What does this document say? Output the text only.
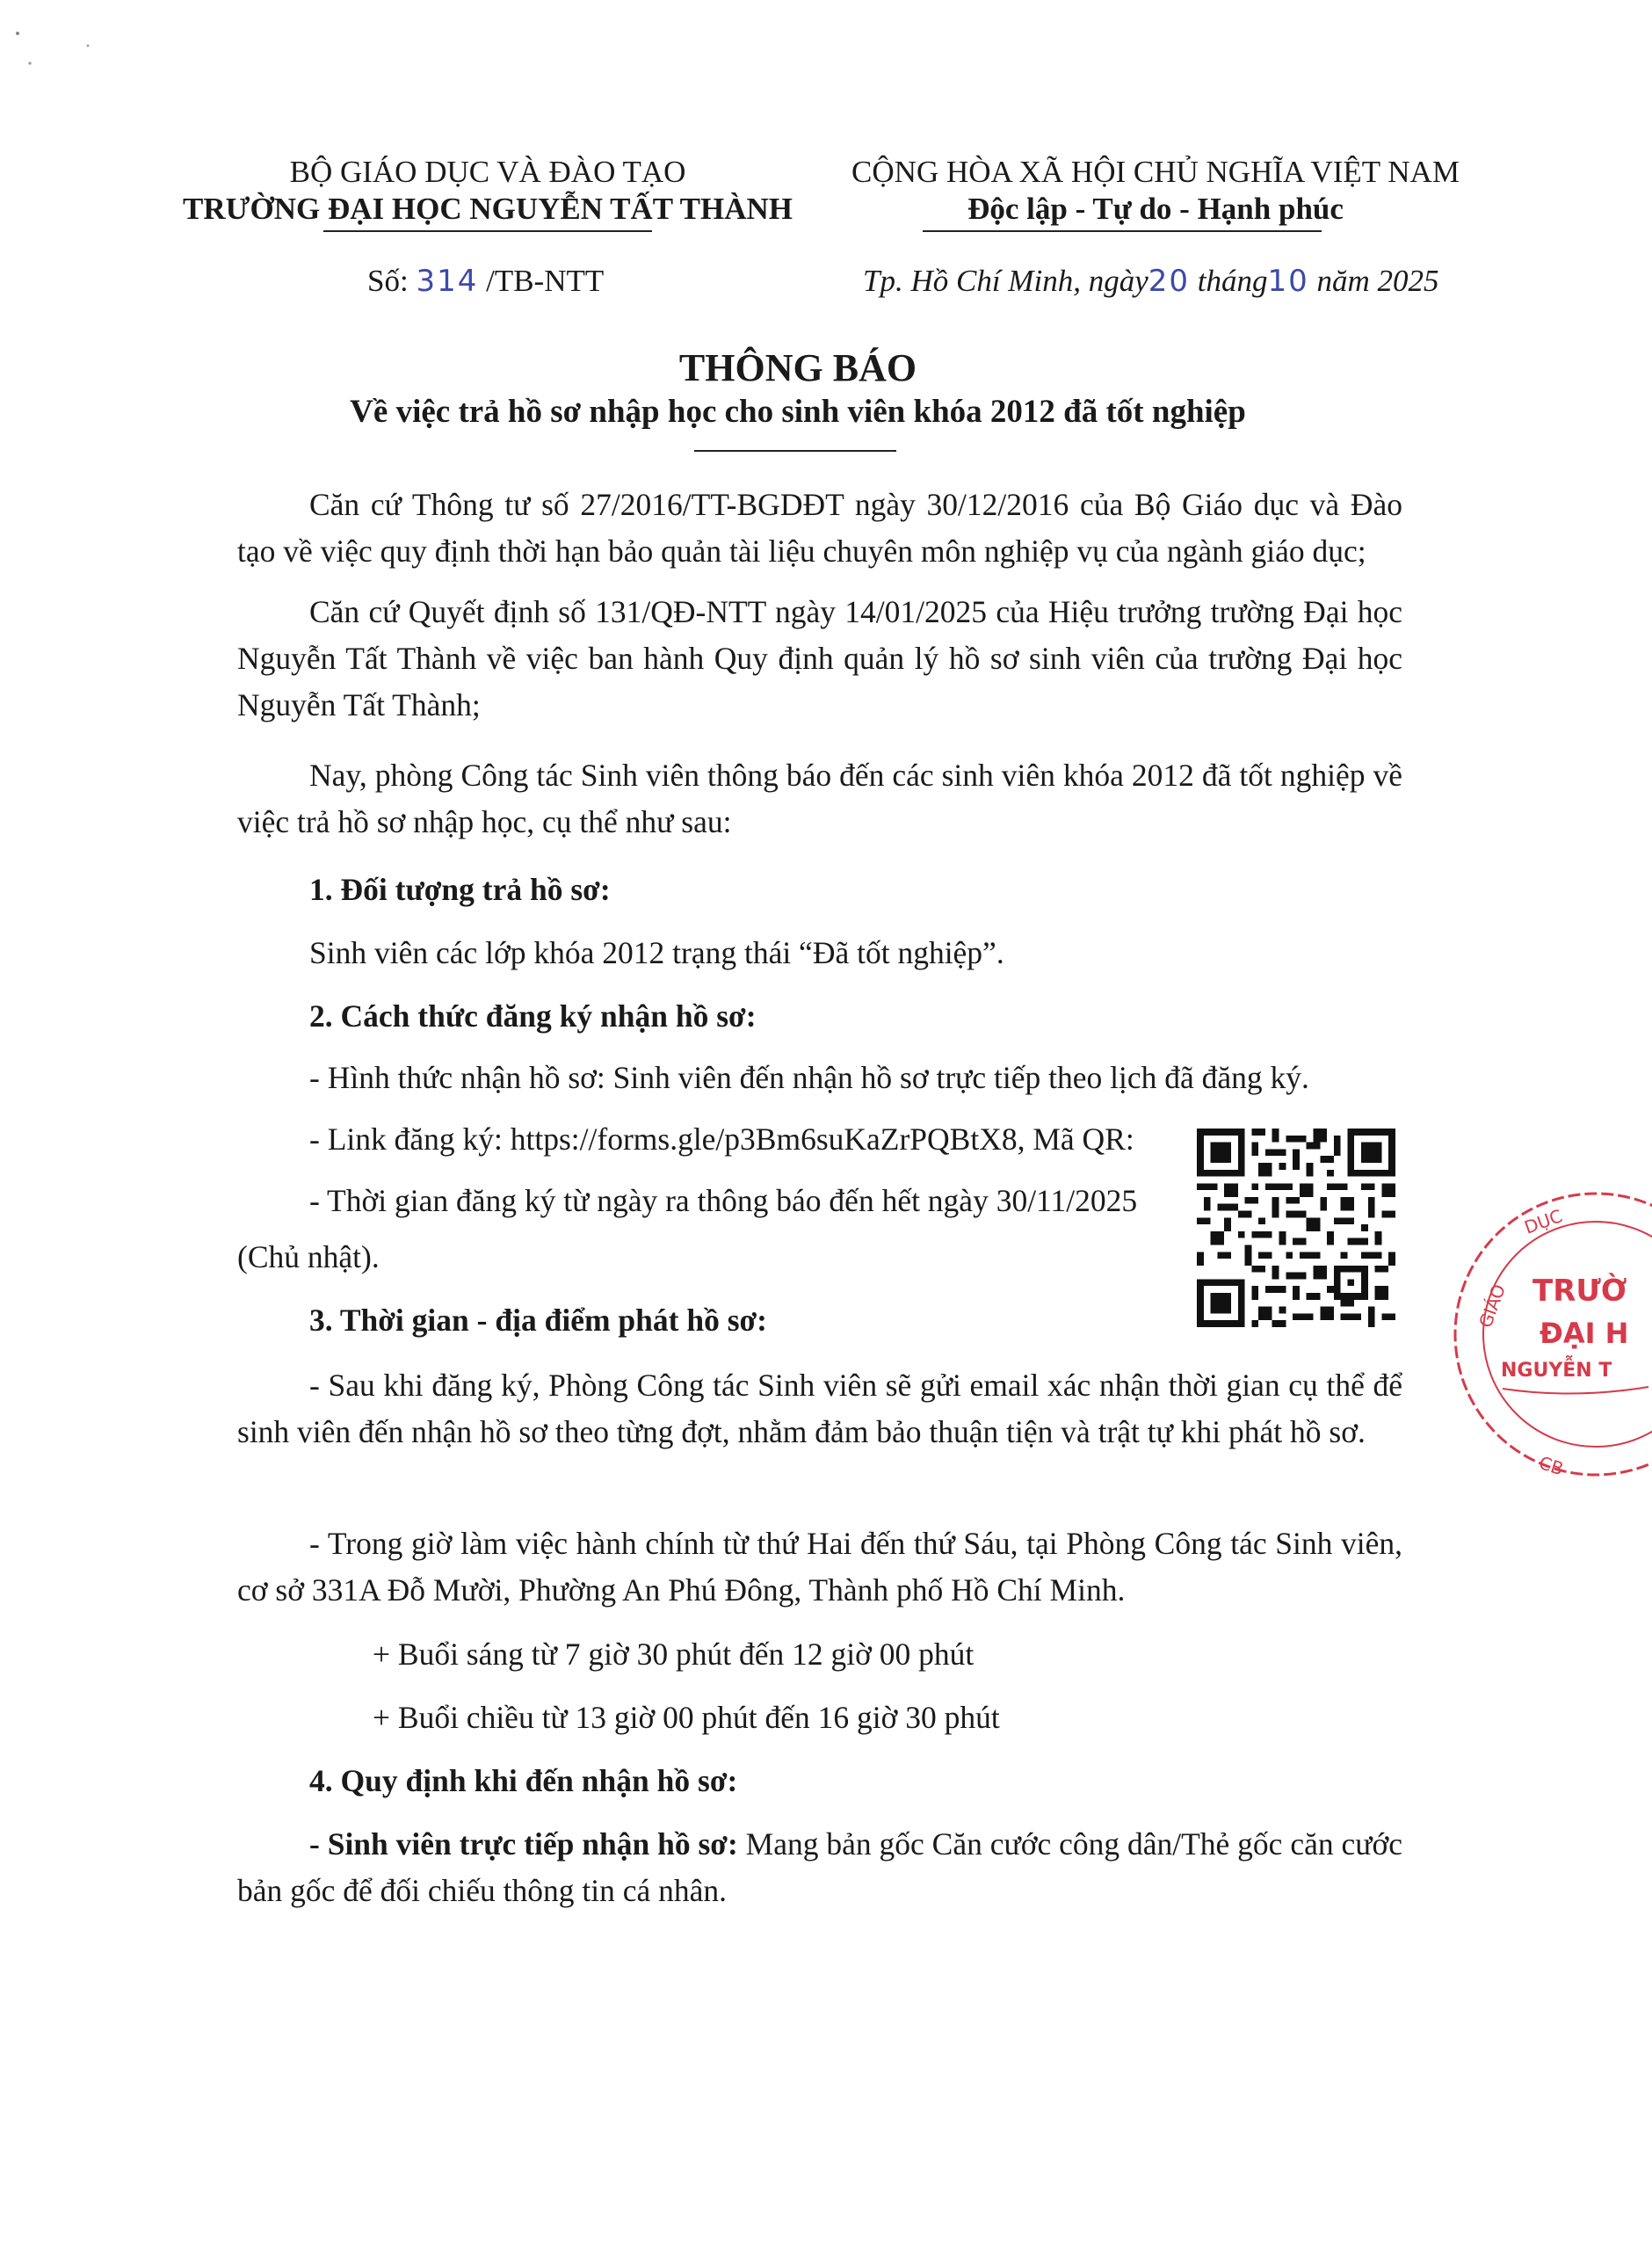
BỘ GIÁO DỤC VÀ ĐÀO TẠO
TRƯỜNG ĐẠI HỌC NGUYỄN TẤT THÀNH
CỘNG HÒA XÃ HỘI CHỦ NGHĨA VIỆT NAM
Độc lập - Tự do - Hạnh phúc
Số: 314 /TB-NTT	Tp. Hồ Chí Minh, ngày20 tháng10 năm 2025
THÔNG BÁO
Về việc trả hồ sơ nhập học cho sinh viên khóa 2012 đã tốt nghiệp
Căn cứ Thông tư số 27/2016/TT-BGDĐT ngày 30/12/2016 của Bộ Giáo dục và Đào tạo về việc quy định thời hạn bảo quản tài liệu chuyên môn nghiệp vụ của ngành giáo dục;
Căn cứ Quyết định số 131/QĐ-NTT ngày 14/01/2025 của Hiệu trưởng trường Đại học Nguyễn Tất Thành về việc ban hành Quy định quản lý hồ sơ sinh viên của trường Đại học Nguyễn Tất Thành;
Nay, phòng Công tác Sinh viên thông báo đến các sinh viên khóa 2012 đã tốt nghiệp về việc trả hồ sơ nhập học, cụ thể như sau:
1. Đối tượng trả hồ sơ:
Sinh viên các lớp khóa 2012 trạng thái “Đã tốt nghiệp”.
2. Cách thức đăng ký nhận hồ sơ:
- Hình thức nhận hồ sơ: Sinh viên đến nhận hồ sơ trực tiếp theo lịch đã đăng ký.
- Link đăng ký: https://forms.gle/p3Bm6suKaZrPQBtX8, Mã QR:
- Thời gian đăng ký từ ngày ra thông báo đến hết ngày 30/11/2025
(Chủ nhật).
3. Thời gian - địa điểm phát hồ sơ:
- Sau khi đăng ký, Phòng Công tác Sinh viên sẽ gửi email xác nhận thời gian cụ thể để sinh viên đến nhận hồ sơ theo từng đợt, nhằm đảm bảo thuận tiện và trật tự khi phát hồ sơ.
- Trong giờ làm việc hành chính từ thứ Hai đến thứ Sáu, tại Phòng Công tác Sinh viên, cơ sở 331A Đỗ Mười, Phường An Phú Đông, Thành phố Hồ Chí Minh.
+ Buổi sáng từ 7 giờ 30 phút đến 12 giờ 00 phút
+ Buổi chiều từ 13 giờ 00 phút đến 16 giờ 30 phút
4. Quy định khi đến nhận hồ sơ:
- Sinh viên trực tiếp nhận hồ sơ: Mang bản gốc Căn cước công dân/Thẻ gốc căn cước bản gốc để đối chiếu thông tin cá nhân.
GIÁO
DỤC
CB
TRƯỜ
ĐẠI H
NGUYỄN T
